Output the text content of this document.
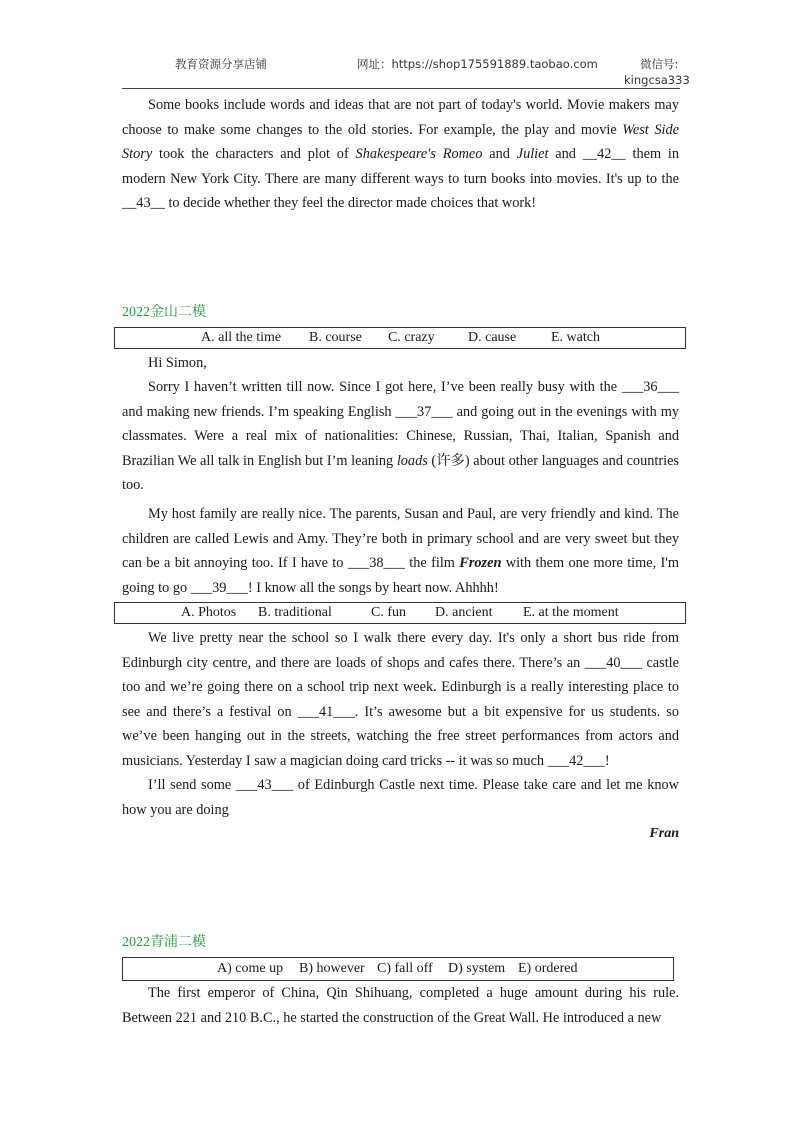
教育资源分享店铺	网址：https://shop175591889.taobao.com	微信号:
kingcsa333
Some books include words and ideas that are not part of today's world. Movie makers may choose to make some changes to the old stories. For example, the play and movie West Side Story took the characters and plot of Shakespeare's Romeo and Juliet and __42__ them in modern New York City. There are many different ways to turn books into movies. It's up to the __43__ to decide whether they feel the director made choices that work!
2022金山二模
A. all the time B. course C. crazy D. cause E. watch
Hi Simon,
Sorry I haven’t written till now. Since I got here, I’ve been really busy with the ___36___ and making new friends. I’m speaking English ___37___ and going out in the evenings with my classmates. Were a real mix of nationalities: Chinese, Russian, Thai, Italian, Spanish and Brazilian We all talk in English but I’m leaning loads (许多) about other languages and countries too.
My host family are really nice. The parents, Susan and Paul, are very friendly and kind. The children are called Lewis and Amy. They’re both in primary school and are very sweet but they can be a bit annoying too. If I have to ___38___ the film Frozen with them one more time, I'm going to go ___39___! I know all the songs by heart now. Ahhhh!
A. Photos B. traditional	C. fun D. ancient E. at the moment
We live pretty near the school so I walk there every day. It's only a short bus ride from Edinburgh city centre, and there are loads of shops and cafes there. There’s an ___40___ castle too and we’re going there on a school trip next week. Edinburgh is a really interesting place to see and there’s a festival on ___41___. It’s awesome but a bit expensive for us students. so we’ve been hanging out in the streets, watching the free street performances from actors and musicians. Yesterday I saw a magician doing card tricks -- it was so much ___42___!
I’ll send some ___43___ of Edinburgh Castle next time. Please take care and let me know how you are doing
Fran
2022青浦二模
A) come up B) however C) fall off D) system E) ordered
The first emperor of China, Qin Shihuang, completed a huge amount during his rule. Between 221 and 210 B.C., he started the construction of the Great Wall. He introduced a new
